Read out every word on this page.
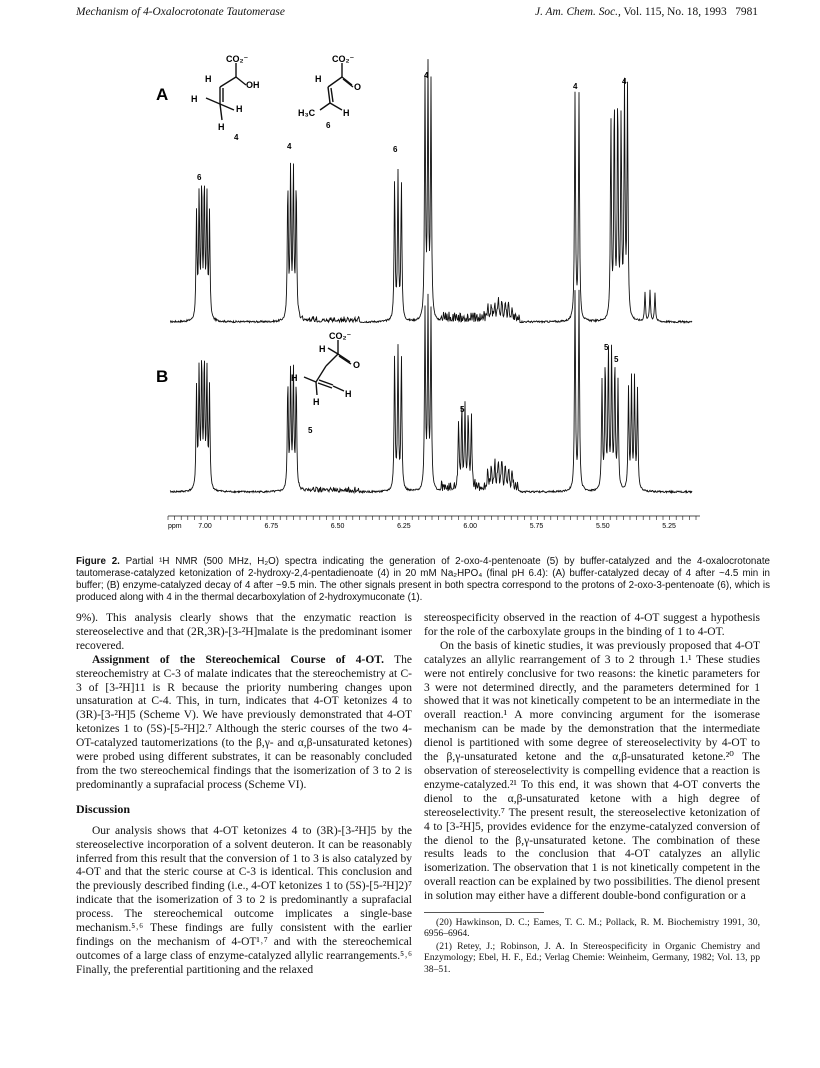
Mechanism of 4-Oxalocrotonate Tautomerase	J. Am. Chem. Soc., Vol. 115, No. 18, 1993 7981
A
B
CO₂⁻
OH
H
H
H
H
4
CO₂⁻
O
H
H₃C	H
6
CO₂⁻
O
H
H
H
H
5
6
4	6
4
4
4
5
5
5
7.00	6.75	6.50	6.25	6.00	5.75	5.50	5.25
ppm
Figure 2. Partial ¹H NMR (500 MHz, H₂O) spectra indicating the generation of 2-oxo-4-pentenoate (5) by buffer-catalyzed and the 4-oxalocrotonate tautomerase-catalyzed ketonization of 2-hydroxy-2,4-pentadienoate (4) in 20 mM Na₂HPO₄ (final pH 6.4): (A) buffer-catalyzed decay of 4 after ~4.5 min in buffer; (B) enzyme-catalyzed decay of 4 after ~9.5 min. The other signals present in both spectra correspond to the protons of 2-oxo-3-pentenoate (6), which is produced along with 4 in the thermal decarboxylation of 2-hydroxymuconate (1).

9%). This analysis clearly shows that the enzymatic reaction is stereoselective and that (2R,3R)-[3-²H]malate is the predominant isomer recovered.

Assignment of the Stereochemical Course of 4-OT. The stereochemistry at C-3 of malate indicates that the stereochemistry at C-3 of [3-²H]11 is R because the priority numbering changes upon unsaturation at C-4. This, in turn, indicates that 4-OT ketonizes 4 to (3R)-[3-²H]5 (Scheme V). We have previously demonstrated that 4-OT ketonizes 1 to (5S)-[5-²H]2.⁷ Although the steric courses of the two 4-OT-catalyzed tautomerizations (to the β,γ- and α,β-unsaturated ketones) were probed using different substrates, it can be reasonably concluded from the two stereochemical findings that the isomerization of 3 to 2 is predominantly a suprafacial process (Scheme VI).

Discussion

Our analysis shows that 4-OT ketonizes 4 to (3R)-[3-²H]5 by the stereoselective incorporation of a solvent deuteron. It can be reasonably inferred from this result that the conversion of 1 to 3 is also catalyzed by 4-OT and that the steric course at C-3 is identical. This conclusion and the previously described finding (i.e., 4-OT ketonizes 1 to (5S)-[5-²H]2)⁷ indicate that the isomerization of 3 to 2 is predominantly a suprafacial process. The stereochemical outcome implicates a single-base mechanism.⁵˒⁶ These findings are fully consistent with the earlier findings on the mechanism of 4-OT¹˒⁷ and with the stereochemical outcomes of a large class of enzyme-catalyzed allylic rearrangements.⁵˒⁶ Finally, the preferential partitioning and the relaxed

stereospecificity observed in the reaction of 4-OT suggest a hypothesis for the role of the carboxylate groups in the binding of 1 to 4-OT.

On the basis of kinetic studies, it was previously proposed that 4-OT catalyzes an allylic rearrangement of 3 to 2 through 1.¹ These studies were not entirely conclusive for two reasons: the kinetic parameters for 3 were not determined directly, and the parameters determined for 1 showed that it was not kinetically competent to be an intermediate in the overall reaction.¹ A more convincing argument for the isomerase mechanism can be made by the demonstration that the intermediate dienol is partitioned with some degree of stereoselectivity by 4-OT to the β,γ-unsaturated ketone and the α,β-unsaturated ketone.²⁰ The observation of stereoselectivity is compelling evidence that a reaction is enzyme-catalyzed.²¹ To this end, it was shown that 4-OT converts the dienol to the α,β-unsaturated ketone with a high degree of stereoselectivity.⁷ The present result, the stereoselective ketonization of 4 to [3-²H]5, provides evidence for the enzyme-catalyzed conversion of the dienol to the β,γ-unsaturated ketone. The combination of these results leads to the conclusion that 4-OT catalyzes an allylic isomerization. The observation that 1 is not kinetically competent in the overall reaction can be explained by two possibilities. The dienol present in solution may either have a different double-bond configuration or a

(20) Hawkinson, D. C.; Eames, T. C. M.; Pollack, R. M. Biochemistry 1991, 30, 6956–6964.
(21) Retey, J.; Robinson, J. A. In Stereospecificity in Organic Chemistry and Enzymology; Ebel, H. F., Ed.; Verlag Chemie: Weinheim, Germany, 1982; Vol. 13, pp 38–51.
